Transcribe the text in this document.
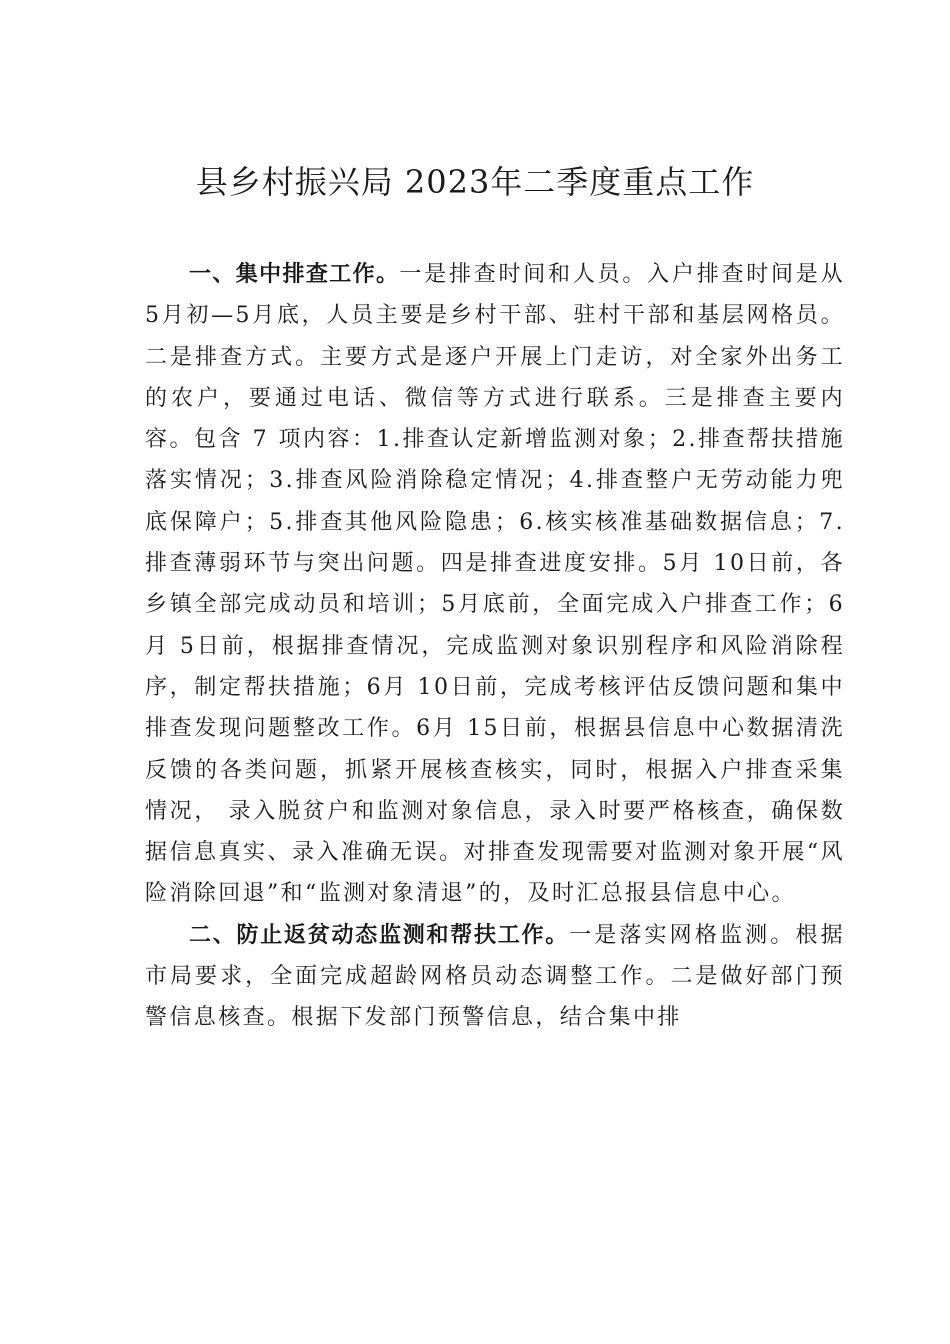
县乡村振兴局 2023年二季度重点工作

一、集中排查工作。一是排查时间和人员。入户排查时间是从 5月初—5月底，人员主要是乡村干部、驻村干部和基层网格员。二是排查方式。主要方式是逐户开展上门走访，对全家外出务工的农户，要通过电话、微信等方式进行联系。三是排查主要内容。包含 7 项内容：1.排查认定新增监测对象；2.排查帮扶措施落实情况；3.排查风险消除稳定情况；4.排查整户无劳动能力兜底保障户；5.排查其他风险隐患；6.核实核准基础数据信息；7.排查薄弱环节与突出问题。四是排查进度安排。5月 10日前，各乡镇全部完成动员和培训；5月底前，全面完成入户排查工作；6月 5日前，根据排查情况，完成监测对象识别程序和风险消除程序，制定帮扶措施；6月 10日前，完成考核评估反馈问题和集中排查发现问题整改工作。6月 15日前，根据县信息中心数据清洗反馈的各类问题，抓紧开展核查核实，同时，根据入户排查采集情况， 录入脱贫户和监测对象信息，录入时要严格核查，确保数据信息真实、录入准确无误。对排查发现需要对监测对象开展“风险消除回退”和“监测对象清退”的，及时汇总报县信息中心。

二、防止返贫动态监测和帮扶工作。一是落实网格监测。根据市局要求，全面完成超龄网格员动态调整工作。二是做好部门预警信息核查。根据下发部门预警信息，结合集中排
